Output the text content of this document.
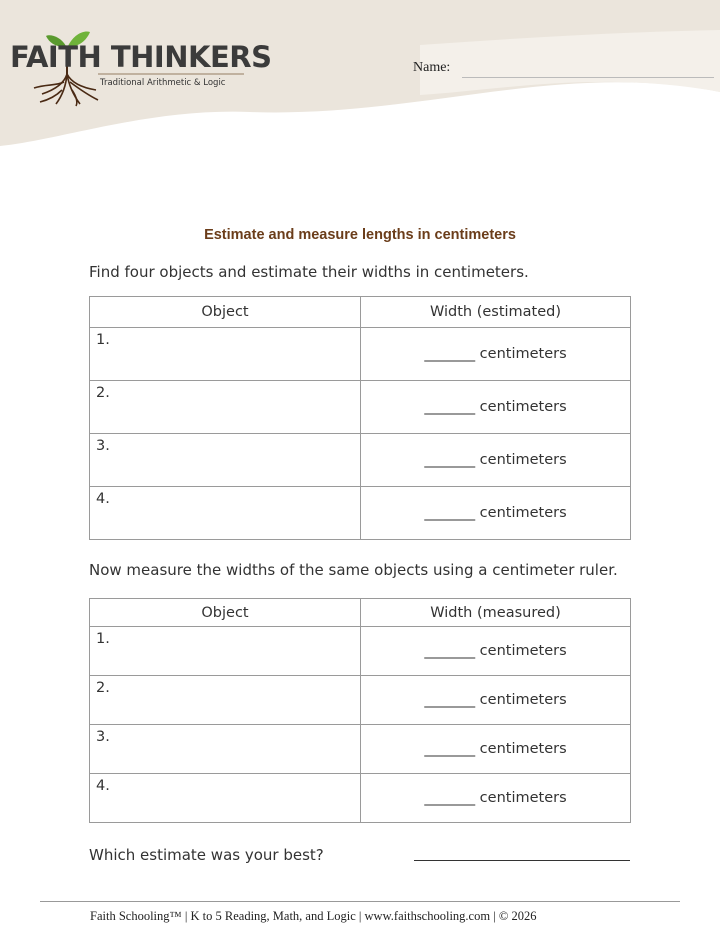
FAITH THINKERS
Traditional Arithmetic & Logic
Name:
Estimate and measure lengths in centimeters
Find four objects and estimate their widths in centimeters.
Object	Width (estimated)

1.	_______ centimeters

2.	_______ centimeters

3.	_______ centimeters

4.	_______ centimeters
Now measure the widths of the same objects using a centimeter ruler.
Object	Width (measured)

1.	_______ centimeters

2.	_______ centimeters

3.	_______ centimeters

4.	_______ centimeters
Which estimate was your best?
Faith Schooling™ | K to 5 Reading, Math, and Logic | www.faithschooling.com | © 2026
